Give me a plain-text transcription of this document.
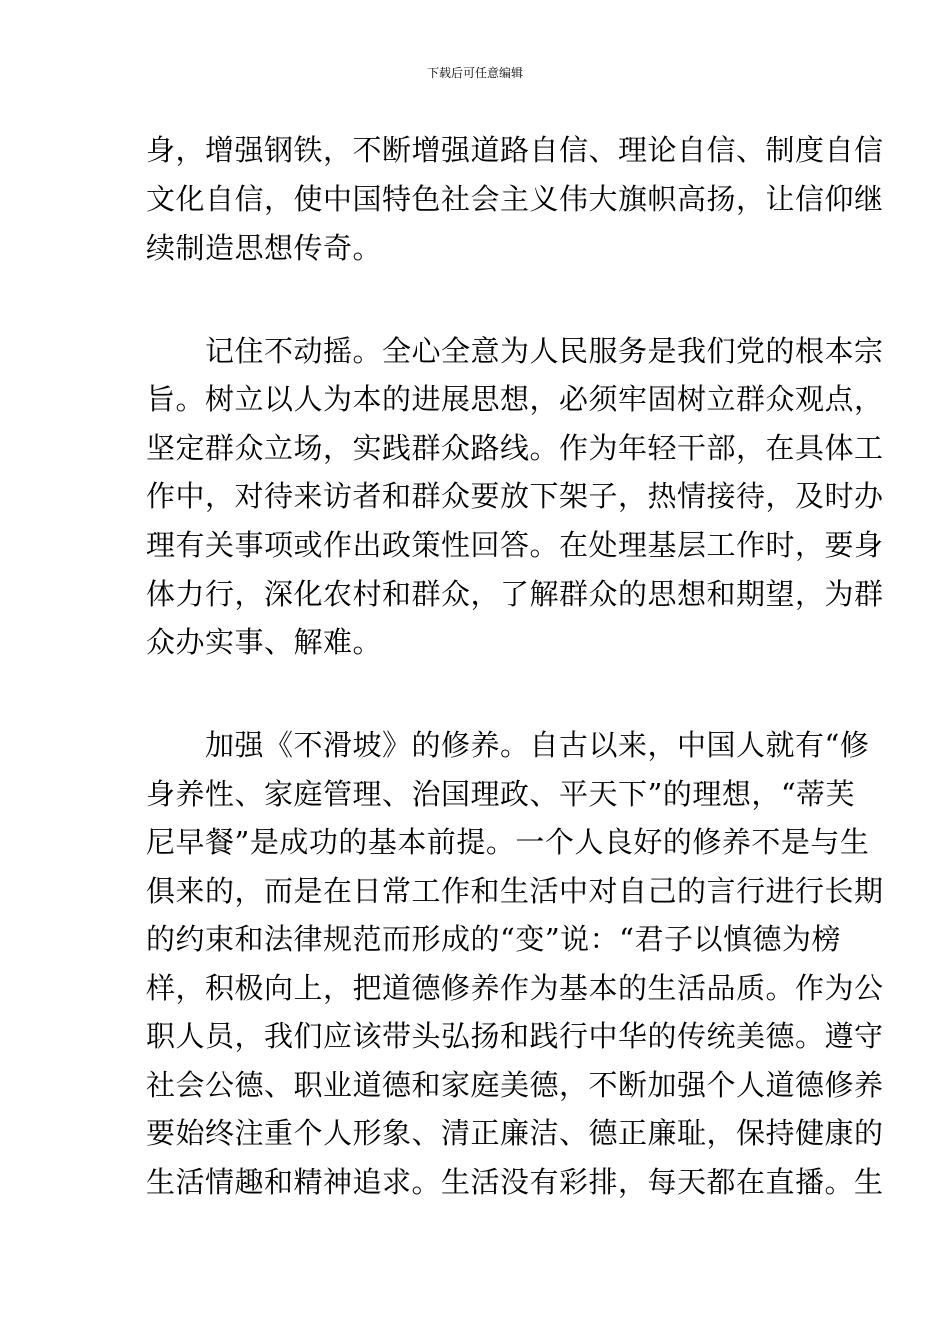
下载后可任意编辑
身，增强钢铁，不断增强道路自信、理论自信、制度自信
文化自信，使中国特色社会主义伟大旗帜高扬，让信仰继
续制造思想传奇。
　　记住不动摇。全心全意为人民服务是我们党的根本宗
旨。树立以人为本的进展思想，必须牢固树立群众观点，
坚定群众立场，实践群众路线。作为年轻干部，在具体工
作中，对待来访者和群众要放下架子，热情接待，及时办
理有关事项或作出政策性回答。在处理基层工作时，要身
体力行，深化农村和群众，了解群众的思想和期望，为群
众办实事、解难。
　　加强《不滑坡》的修养。自古以来，中国人就有“修
身养性、家庭管理、治国理政、平天下”的理想，“蒂芙
尼早餐”是成功的基本前提。一个人良好的修养不是与生
俱来的，而是在日常工作和生活中对自己的言行进行长期
的约束和法律规范而形成的“变”说：“君子以慎德为榜
样，积极向上，把道德修养作为基本的生活品质。作为公
职人员，我们应该带头弘扬和践行中华的传统美德。遵守
社会公德、职业道德和家庭美德，不断加强个人道德修养
要始终注重个人形象、清正廉洁、德正廉耻，保持健康的
生活情趣和精神追求。生活没有彩排，每天都在直播。生
